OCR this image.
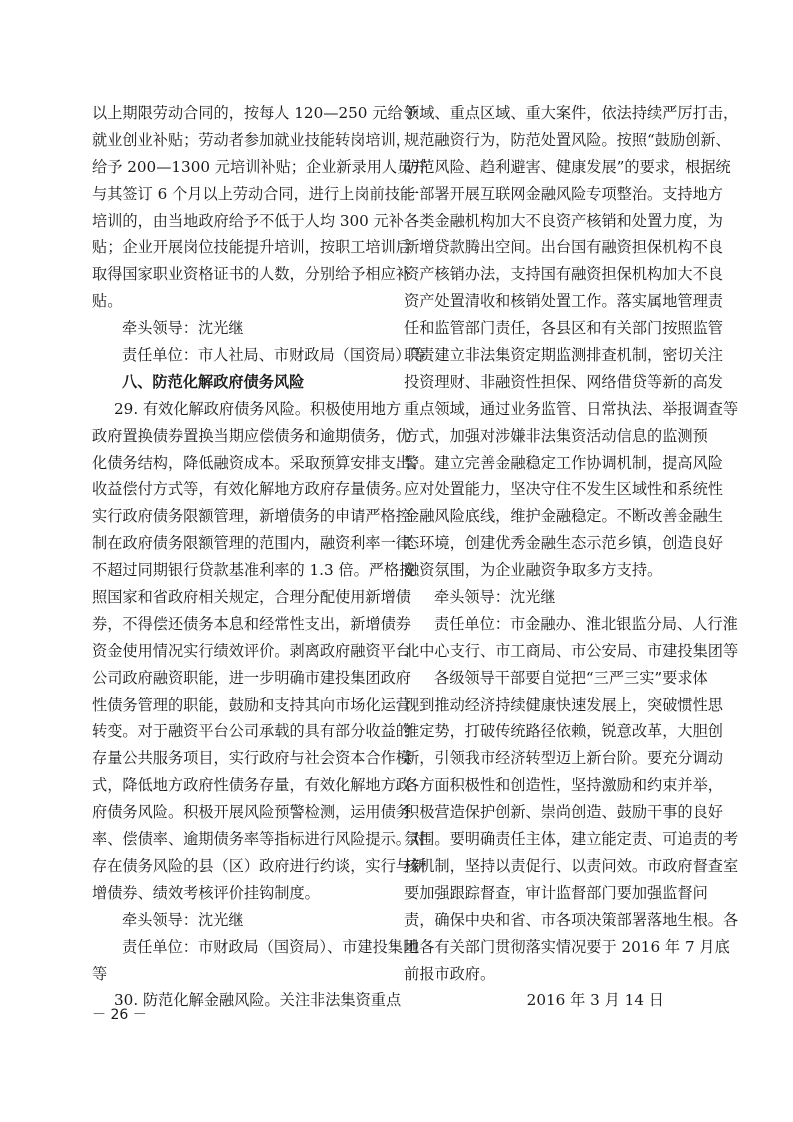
以上期限劳动合同的，按每人 120—250 元给予
就业创业补贴；劳动者参加就业技能转岗培训，
给予 200—1300 元培训补贴；企业新录用人员并
与其签订 6 个月以上劳动合同，进行上岗前技能
培训的，由当地政府给予不低于人均 300 元补
贴；企业开展岗位技能提升培训，按职工培训后
取得国家职业资格证书的人数，分别给予相应补
贴。
牵头领导：沈光继
责任单位：市人社局、市财政局（国资局）等
八、防范化解政府债务风险
29. 有效化解政府债务风险。积极使用地方
政府置换债券置换当期应偿债务和逾期债务，优
化债务结构，降低融资成本。采取预算安排支出、
收益偿付方式等，有效化解地方政府存量债务。
实行政府债务限额管理，新增债务的申请严格控
制在政府债务限额管理的范围内，融资利率一律
不超过同期银行贷款基准利率的 1.3 倍。严格按
照国家和省政府相关规定，合理分配使用新增债
券，不得偿还债务本息和经常性支出，新增债券
资金使用情况实行绩效评价。剥离政府融资平台
公司政府融资职能，进一步明确市建投集团政府
性债务管理的职能，鼓励和支持其向市场化运营
转变。对于融资平台公司承载的具有部分收益的
存量公共服务项目，实行政府与社会资本合作模
式，降低地方政府性债务存量，有效化解地方政
府债务风险。积极开展风险预警检测，运用债务
率、偿债率、逾期债务率等指标进行风险提示。对
存在债务风险的县（区）政府进行约谈，实行与新
增债券、绩效考核评价挂钩制度。
牵头领导：沈光继
责任单位：市财政局（国资局）、市建投集团
等
30. 防范化解金融风险。关注非法集资重点
领域、重点区域、重大案件，依法持续严厉打击，
规范融资行为，防范处置风险。按照“鼓励创新、
防范风险、趋利避害、健康发展”的要求，根据统
一部署开展互联网金融风险专项整治。支持地方
各类金融机构加大不良资产核销和处置力度，为
新增贷款腾出空间。出台国有融资担保机构不良
资产核销办法，支持国有融资担保机构加大不良
资产处置清收和核销处置工作。落实属地管理责
任和监管部门责任，各县区和有关部门按照监管
职责建立非法集资定期监测排查机制，密切关注
投资理财、非融资性担保、网络借贷等新的高发
重点领域，通过业务监管、日常执法、举报调查等
方式，加强对涉嫌非法集资活动信息的监测预
警。建立完善金融稳定工作协调机制，提高风险
应对处置能力，坚决守住不发生区域性和系统性
金融风险底线，维护金融稳定。不断改善金融生
态环境，创建优秀金融生态示范乡镇，创造良好
融资氛围，为企业融资争取多方支持。
牵头领导：沈光继
责任单位：市金融办、淮北银监分局、人行淮
北中心支行、市工商局、市公安局、市建投集团等
各级领导干部要自觉把“三严三实”要求体
现到推动经济持续健康快速发展上，突破惯性思
维定势，打破传统路径依赖，锐意改革，大胆创
新，引领我市经济转型迈上新台阶。要充分调动
各方面积极性和创造性，坚持激励和约束并举，
积极营造保护创新、崇尚创造、鼓励干事的良好
氛围。要明确责任主体，建立能定责、可追责的考
核机制，坚持以责促行、以责问效。市政府督查室
要加强跟踪督查，审计监督部门要加强监督问
责，确保中央和省、市各项决策部署落地生根。各
地各有关部门贯彻落实情况要于 2016 年 7 月底
前报市政府。
2016 年 3 月 14 日
－ 26 －
